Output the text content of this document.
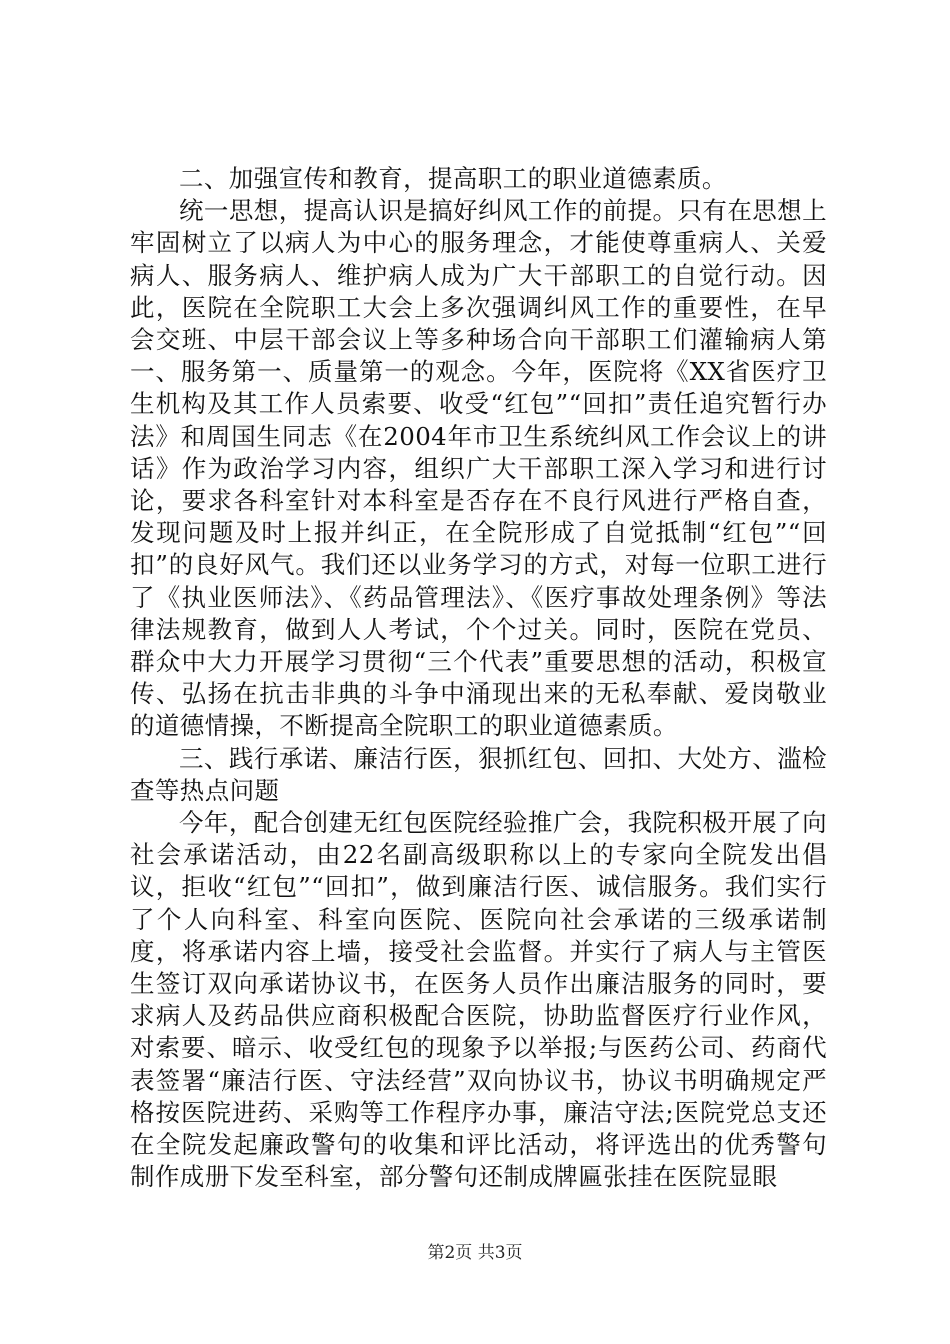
二、加强宣传和教育，提高职工的职业道德素质。

统一思想，提高认识是搞好纠风工作的前提。只有在思想上牢固树立了以病人为中心的服务理念，才能使尊重病人、关爱病人、服务病人、维护病人成为广大干部职工的自觉行动。因此，医院在全院职工大会上多次强调纠风工作的重要性，在早会交班、中层干部会议上等多种场合向干部职工们灌输病人第一、服务第一、质量第一的观念。今年，医院将《XX省医疗卫生机构及其工作人员索要、收受“红包”“回扣”责任追究暂行办法》和周国生同志《在2004年市卫生系统纠风工作会议上的讲话》作为政治学习内容，组织广大干部职工深入学习和进行讨论，要求各科室针对本科室是否存在不良行风进行严格自查，发现问题及时上报并纠正，在全院形成了自觉抵制“红包”“回扣”的良好风气。我们还以业务学习的方式，对每一位职工进行了《执业医师法》、《药品管理法》、《医疗事故处理条例》等法律法规教育，做到人人考试，个个过关。同时，医院在党员、群众中大力开展学习贯彻“三个代表”重要思想的活动，积极宣传、弘扬在抗击非典的斗争中涌现出来的无私奉献、爱岗敬业的道德情操，不断提高全院职工的职业道德素质。

三、践行承诺、廉洁行医，狠抓红包、回扣、大处方、滥检查等热点问题

今年，配合创建无红包医院经验推广会，我院积极开展了向社会承诺活动，由22名副高级职称以上的专家向全院发出倡议，拒收“红包”“回扣”，做到廉洁行医、诚信服务。我们实行了个人向科室、科室向医院、医院向社会承诺的三级承诺制度，将承诺内容上墙，接受社会监督。并实行了病人与主管医生签订双向承诺协议书，在医务人员作出廉洁服务的同时，要求病人及药品供应商积极配合医院，协助监督医疗行业作风，对索要、暗示、收受红包的现象予以举报;与医药公司、药商代表签署“廉洁行医、守法经营”双向协议书，协议书明确规定严格按医院进药、采购等工作程序办事，廉洁守法;医院党总支还在全院发起廉政警句的收集和评比活动，将评选出的优秀警句制作成册下发至科室，部分警句还制成牌匾张挂在医院显眼

第2页 共3页
